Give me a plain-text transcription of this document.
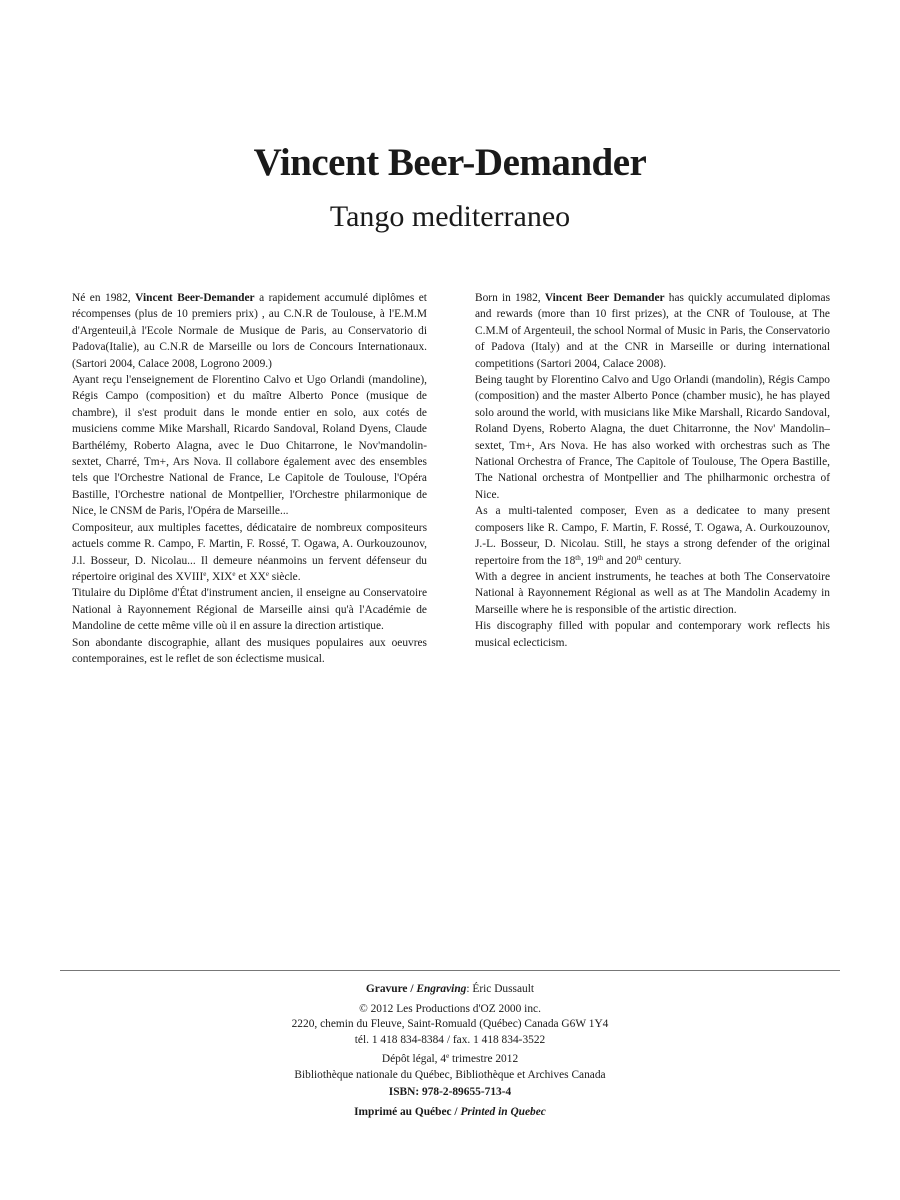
Vincent Beer-Demander
Tango mediterraneo

Né en 1982, Vincent Beer-Demander a rapidement accumulé diplômes et récompenses (plus de 10 premiers prix) , au C.N.R de Toulouse, à l'E.M.M d'Argenteuil,à l'Ecole Normale de Musique de Paris, au Conservatorio di Padova(Italie), au C.N.R de Marseille ou lors de Concours Internationaux. (Sartori 2004, Calace 2008, Logrono 2009.)

Ayant reçu l'enseignement de Florentino Calvo et Ugo Orlandi (mandoline), Régis Campo (composition) et du maître Alberto Ponce (musique de chambre), il s'est produit dans le monde entier en solo, aux cotés de musiciens comme Mike Marshall, Ricardo Sandoval, Roland Dyens, Claude Barthélémy, Roberto Alagna, avec le Duo Chitarrone, le Nov'mandolin-sextet, Charré, Tm+, Ars Nova. Il collabore également avec des ensembles tels que l'Orchestre National de France, Le Capitole de Toulouse, l'Opéra Bastille, l'Orchestre national de Montpellier, l'Orchestre philarmonique de Nice, le CNSM de Paris, l'Opéra de Marseille...

Compositeur, aux multiples facettes, dédicataire de nombreux compositeurs actuels comme R. Campo, F. Martin, F. Rossé, T. Ogawa, A. Ourkouzounov, J.l. Bosseur, D. Nicolau... Il demeure néanmoins un fervent défenseur du répertoire original des XVIIIe, XIXe et XXe siècle.

Titulaire du Diplôme d'État d'instrument ancien, il enseigne au Conservatoire National à Rayonnement Régional de Marseille ainsi qu'à l'Académie de Mandoline de cette même ville où il en assure la direction artistique.

Son abondante discographie, allant des musiques populaires aux oeuvres contemporaines, est le reflet de son éclectisme musical.

Born in 1982, Vincent Beer Demander has quickly accumulated diplomas and rewards (more than 10 first prizes), at the CNR of Toulouse, at The C.M.M of Argenteuil, the school Normal of Music in Paris, the Conservatorio of Padova (Italy) and at the CNR in Marseille or during international competitions (Sartori 2004, Calace 2008).

Being taught by Florentino Calvo and Ugo Orlandi (mandolin), Régis Campo (composition) and the master Alberto Ponce (chamber music), he has played solo around the world, with musicians like Mike Marshall, Ricardo Sandoval, Roland Dyens, Roberto Alagna, the duet Chitarronne, the Nov' Mandolin–sextet, Tm+, Ars Nova. He has also worked with orchestras such as The National Orchestra of France, The Capitole of Toulouse, The Opera Bastille, The National orchestra of Montpellier and The philharmonic orchestra of Nice.

As a multi-talented composer, Even as a dedicatee to many present composers like R. Campo, F. Martin, F. Rossé, T. Ogawa, A. Ourkouzounov, J.-L. Bosseur, D. Nicolau. Still, he stays a strong defender of the original repertoire from the 18th, 19th and 20th century.

With a degree in ancient instruments, he teaches at both The Conservatoire National à Rayonnement Régional as well as at The Mandolin Academy in Marseille where he is responsible of the artistic direction.

His discography filled with popular and contemporary work reflects his musical eclecticism.

Gravure / Engraving: Éric Dussault
© 2012 Les Productions d'OZ 2000 inc.
2220, chemin du Fleuve, Saint-Romuald (Québec) Canada G6W 1Y4
tél. 1 418 834-8384 / fax. 1 418 834-3522
Dépôt légal, 4e trimestre 2012
Bibliothèque nationale du Québec, Bibliothèque et Archives Canada
ISBN: 978-2-89655-713-4
Imprimé au Québec / Printed in Quebec
